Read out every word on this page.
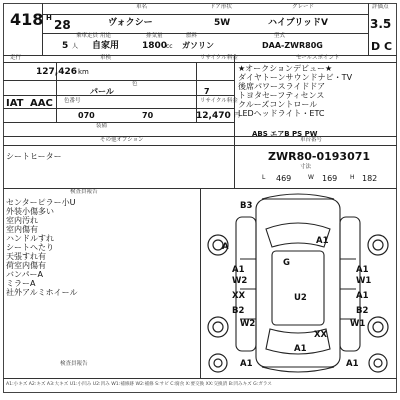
418
車名	ドア形状	グレード	評価点
H 28	ヴォクシー	5W	ハイブリッドV	3.5
乗車定員 用途	排気量	燃料	型式
5 人 自家用	1800
cc ガソリン	DAA-ZWR80G	D C
走行	車検	リサイクル料金	セールスポイント
127,426 km
色
パール	7
IAT AAC 色番号	リサイクル料金
070	70	12,470 円
装備
ABS エアB PS PW
★オークションデビュー★
ダイヤトーンサウンドナビ・TV
後席パワースライドドア
トヨタセーフティセンス
クルーズコントロール
LEDヘッドライト・ETC
その他オプション	車台番号
シートヒーター	ZWR80-0193071
寸法
469	169	182
L	W	H
検査員報告
センターピラー小U
外装小傷多い
室内汚れ
室内傷有
ハンドルすれ
シートへたり
天張すれ有
荷室内傷有
バンパーA
ミラーA
社外アルミホイール
検査員報告
B3
A1
A
G
A1
W2
A1
W1
XX	A1
U2
B2
W2
B2
W1
XX
A1	A1
A1
A1:小キズ A2:キズ A3:大キズ U1:小凹み U2:凹み W1:補修跡 W2:補修 S:サビ C:腐食 X:要交換 XX:交換済 B:凹みキズ G:ガラス
